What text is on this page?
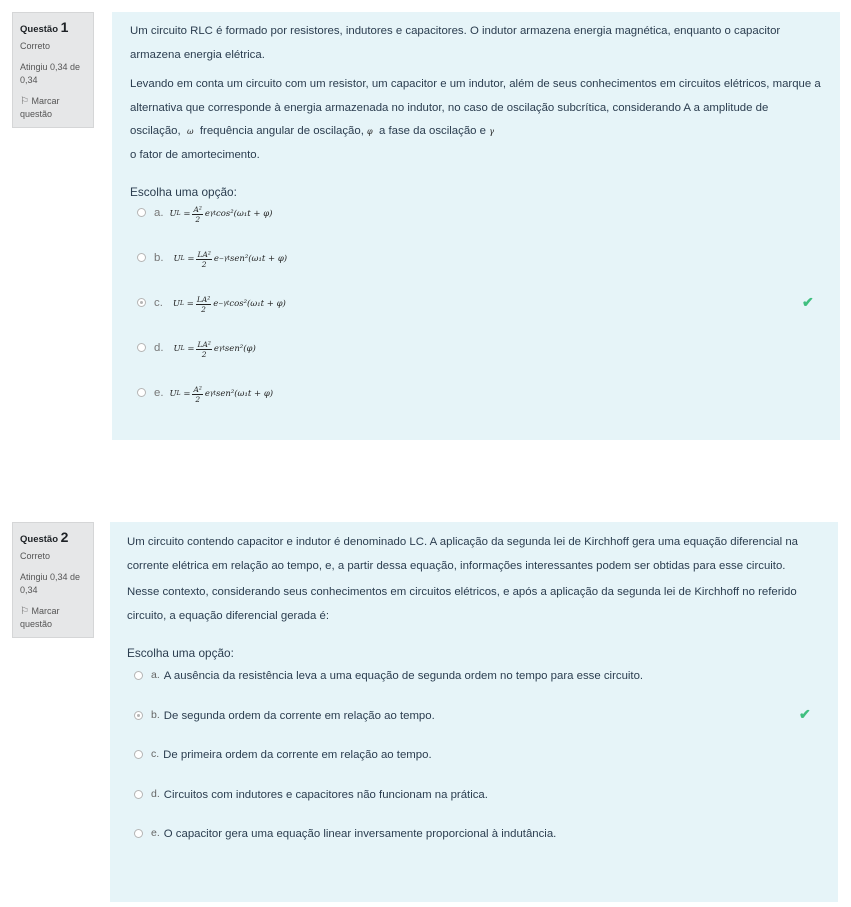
Questão 1
Correto
Atingiu 0,34 de 0,34
⚐ Marcar questão

Um circuito RLC é formado por resistores, indutores e capacitores. O indutor armazena energia magnética, enquanto o capacitor armazena energia elétrica.

Levando em conta um circuito com um resistor, um capacitor e um indutor, além de seus conhecimentos em circuitos elétricos, marque a alternativa que corresponde à energia armazenada no indutor, no caso de oscilação subcrítica, considerando A a amplitude de oscilação, ω  frequência angular de oscilação, φ  a fase da oscilação e γ
o fator de amortecimento.

Escolha uma opção:

a. U L
= $\frac{\text{A²}}{2}$ e γt cos²(ω₁t + φ)
b. U L
= $\frac{\text{LA²}}{2}$ e −γt sen²(ω₁t + φ)
c. U L
= $\frac{\text{LA²}}{2}$ e −γt cos²(ω₁t + φ)	✔
d. U L
= $\frac{\text{LA²}}{2}$ e γt sen²(φ)
e. U L
= $\frac{\text{A²}}{2}$ e γt sen²(ω₁t + φ)
Questão 2
Correto
Atingiu 0,34 de 0,34
⚐ Marcar questão

Um circuito contendo capacitor e indutor é denominado LC. A aplicação da segunda lei de Kirchhoff gera uma equação diferencial na corrente elétrica em relação ao tempo, e, a partir dessa equação, informações interessantes podem ser obtidas para esse circuito.

Nesse contexto, considerando seus conhecimentos em circuitos elétricos, e após a aplicação da segunda lei de Kirchhoff no referido circuito, a equação diferencial gerada é:

Escolha uma opção:

a. A ausência da resistência leva a uma equação de segunda ordem no tempo para esse circuito.
b. De segunda ordem da corrente em relação ao tempo.	✔
c. De primeira ordem da corrente em relação ao tempo.
d. Circuitos com indutores e capacitores não funcionam na prática.
e. O capacitor gera uma equação linear inversamente proporcional à indutância.
